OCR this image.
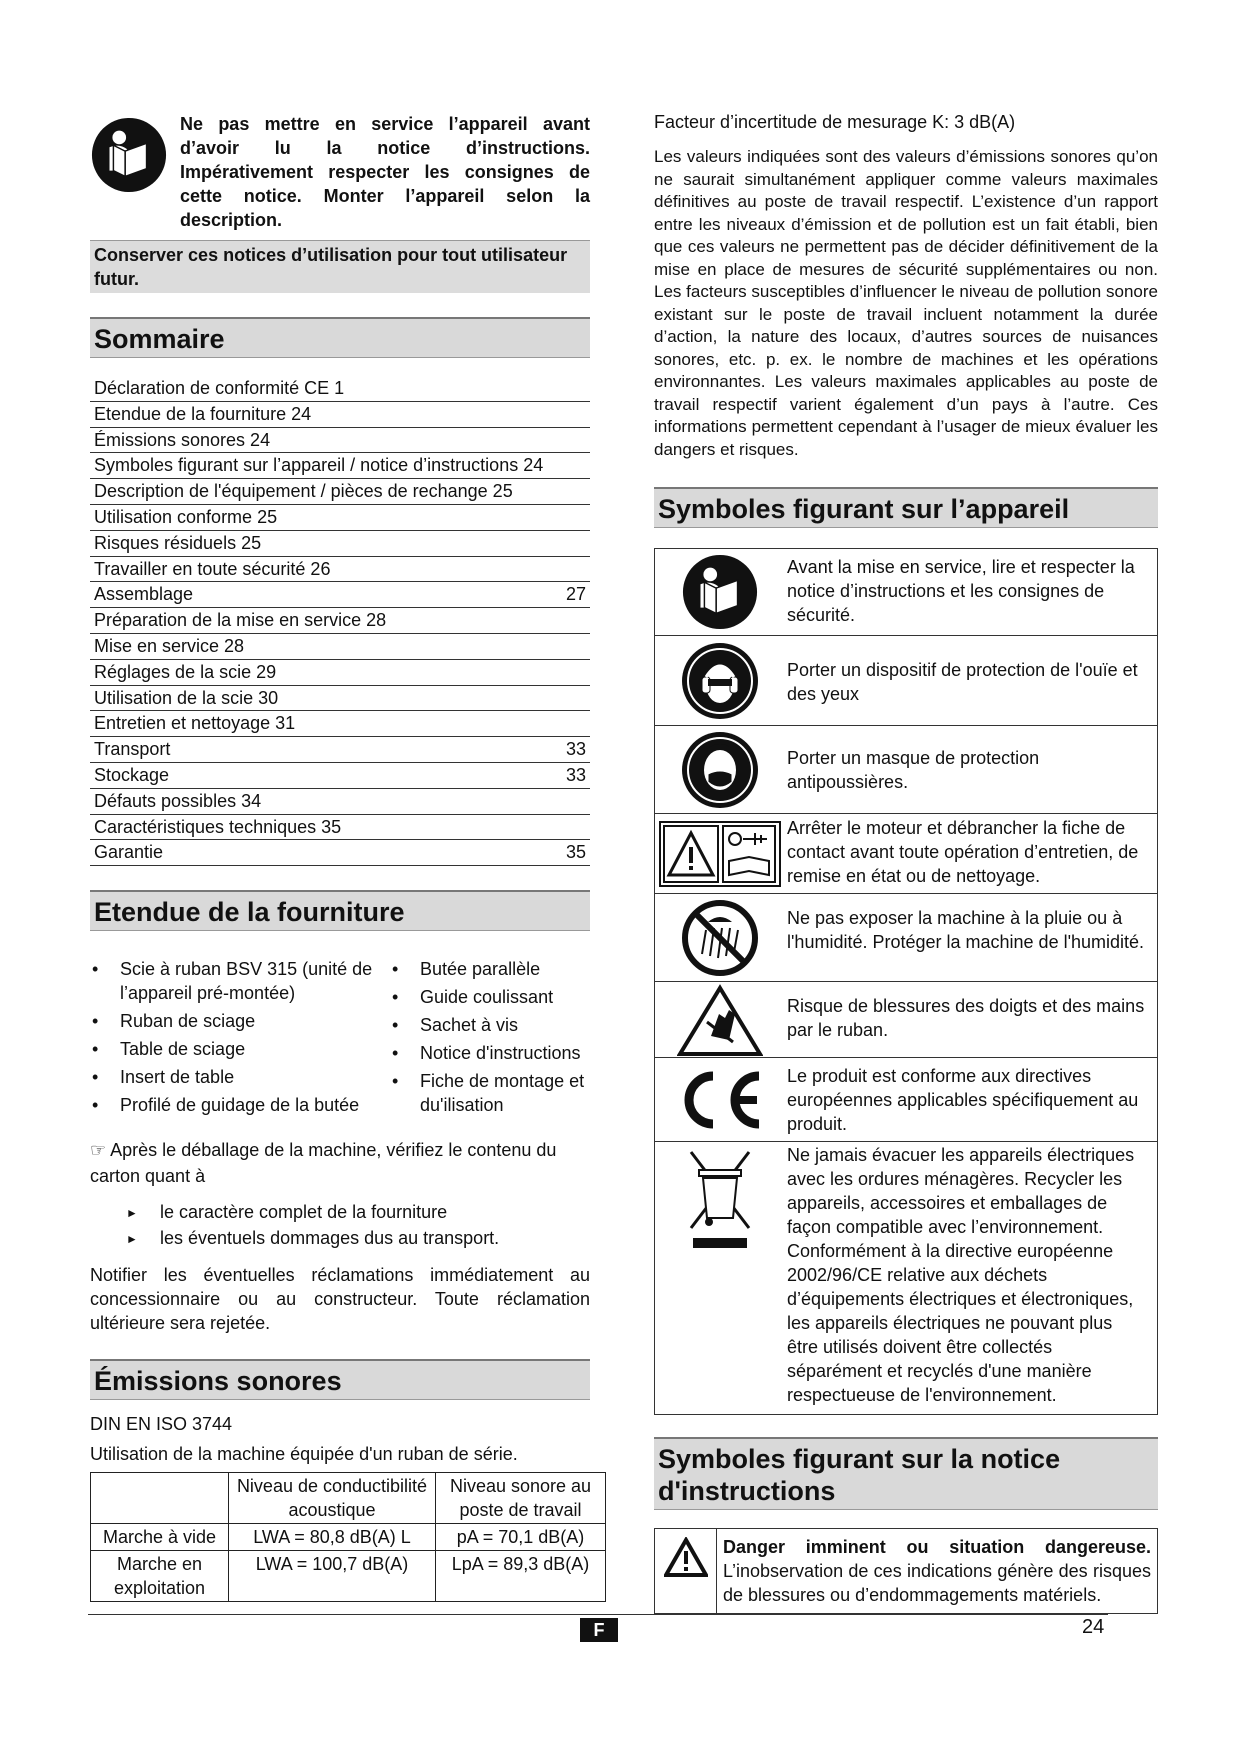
Ne pas mettre en service l’appareil avant d’avoir lu la notice d’instructions. Impérativement respecter les consignes de cette notice. Monter l’appareil selon la description.
Conserver ces notices d’utilisation pour tout utilisateur futur.
Sommaire
Déclaration de conformité CE 1
Etendue de la fourniture 24
Émissions sonores 24
Symboles figurant sur l’appareil / notice d’instructions 24
Description de l'équipement / pièces de rechange 25
Utilisation conforme 25
Risques résiduels 25
Travailler en toute sécurité 26
Assemblage	27
Préparation de la mise en service 28
Mise en service 28
Réglages de la scie 29
Utilisation de la scie 30
Entretien et nettoyage 31
Transport	33
Stockage	33
Défauts possibles 34
Caractéristiques techniques 35
Garantie	35
Etendue de la fourniture
• Scie à ruban BSV 315 (unité de l’appareil pré-montée)
• Ruban de sciage
• Table de sciage
• Insert de table
• Profilé de guidage de la butée
• Butée parallèle
• Guide coulissant
• Sachet à vis
• Notice d'instructions
• Fiche de montage et du'ilisation
☞ Après le déballage de la machine, vérifiez le contenu du carton quant à
► le caractère complet de la fourniture
► les éventuels dommages dus au transport.
Notifier les éventuelles réclamations immédiatement au concessionnaire ou au constructeur. Toute réclamation ultérieure sera rejetée.
Émissions sonores
DIN EN ISO 3744
Utilisation de la machine équipée d'un ruban de série.
	Niveau de conductibilité acoustique	Niveau sonore au poste de travail
Marche à vide	LWA = 80,8 dB(A) L	pA = 70,1 dB(A)
Marche en exploitation	LWA = 100,7 dB(A)	LpA = 89,3 dB(A)
Facteur d’incertitude de mesurage K: 3 dB(A)
Les valeurs indiquées sont des valeurs d’émissions sonores qu’on ne saurait simultanément appliquer comme valeurs maximales définitives au poste de travail respectif. L’existence d’un rapport entre les niveaux d’émission et de pollution est un fait établi, bien que ces valeurs ne permettent pas de décider définitivement de la mise en place de mesures de sécurité supplémentaires ou non. Les facteurs susceptibles d’influencer le niveau de pollution sonore existant sur le poste de travail incluent notamment la durée d’action, la nature des locaux, d’autres sources de nuisances sonores, etc. p. ex. le nombre de machines et les opérations environnantes. Les valeurs maximales applicables au poste de travail respectif varient également d’un pays à l’autre. Ces informations permettent cependant à l’usager de mieux évaluer les dangers et risques.
Symboles figurant sur l’appareil
Avant la mise en service, lire et respecter la notice d’instructions et les consignes de sécurité.
Porter un dispositif de protection de l'ouïe et des yeux
Porter un masque de protection antipoussières.
Arrêter le moteur et débrancher la fiche de contact avant toute opération d’entretien, de remise en état ou de nettoyage.
Ne pas exposer la machine à la pluie ou à l'humidité. Protéger la machine de l'humidité.
Risque de blessures des doigts et des mains par le ruban.
Le produit est conforme aux directives européennes applicables spécifiquement au produit.
Ne jamais évacuer les appareils électriques avec les ordures ménagères. Recycler les appareils, accessoires et emballages de façon compatible avec l’environnement. Conformément à la directive européenne 2002/96/CE relative aux déchets d’équipements électriques et électroniques, les appareils électriques ne pouvant plus être utilisés doivent être collectés séparément et recyclés d'une manière respectueuse de l'environnement.
Symboles figurant sur la notice d'instructions
Danger imminent ou situation dangereuse. L’inobservation de ces indications génère des risques de blessures ou d’endommagements matériels.
F	24
